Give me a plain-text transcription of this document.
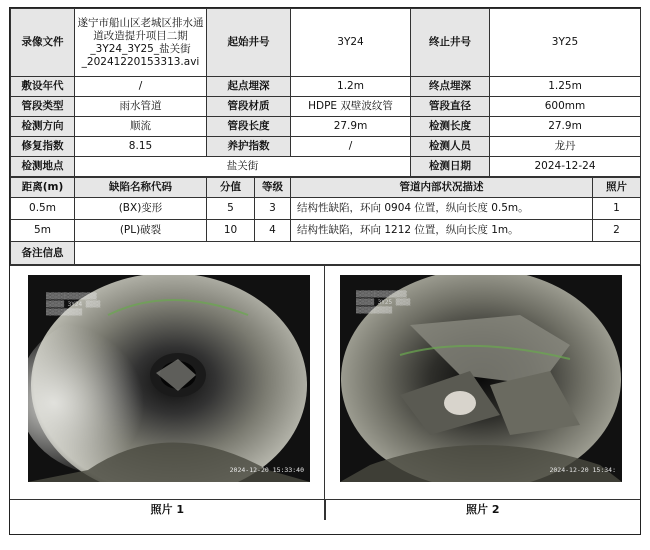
录像文件	遂宁市船山区老城区排水通道改造提升项目二期_3Y24_3Y25_盐关街_20241220153313.avi	起始井号	3Y24	终止井号	3Y25
敷设年代	/	起点埋深	1.2m	终点埋深	1.25m
管段类型	雨水管道	管段材质	HDPE 双壁波纹管	管段直径	600mm
检测方向	顺流	管段长度	27.9m	检测长度	27.9m
修复指数	8.15	养护指数	/	检测人员	龙丹
检测地点	盐关街			检测日期	2024-12-24
距离(m)	缺陷名称代码	分值	等级	管道内部状况描述	照片
0.5m	(BX)变形	5	3	结构性缺陷，环向 0904 位置，纵向长度 0.5m。	1
5m	(PL)破裂	10	4	结构性缺陷，环向 1212 位置，纵向长度 1m。	2
备注信息					
▒▒▒▒▒▒▒▒▒▒▒▒▒▒
▒▒▒▒▒ 3Y24 ▒▒▒▒
▒▒▒▒▒▒▒▒▒▒
2024-12-20 15:33:40
▒▒▒▒▒▒▒▒▒▒▒▒▒▒
▒▒▒▒▒ 3Y25 ▒▒▒▒
▒▒▒▒▒▒▒▒▒▒
2024-12-20 15:34:
照片 1	照片 2
